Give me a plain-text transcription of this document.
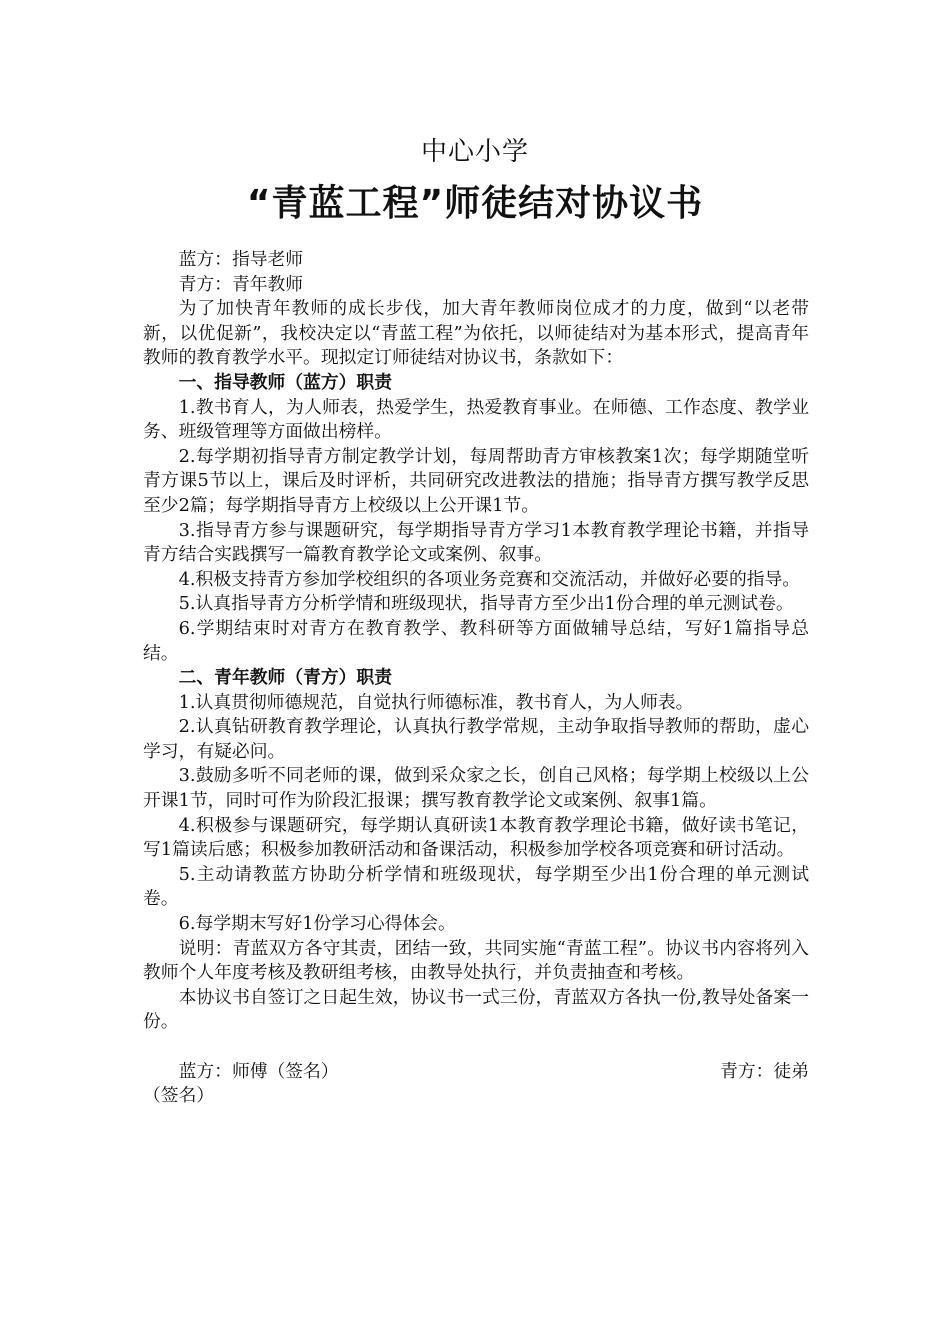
中心小学
“青蓝工程”师徒结对协议书

蓝方：指导老师

青方：青年教师

为了加快青年教师的成长步伐，加大青年教师岗位成才的力度，做到“以老带新，以优促新”，我校决定以“青蓝工程”为依托，以师徒结对为基本形式，提高青年教师的教育教学水平。现拟定订师徒结对协议书，条款如下：

一、指导教师（蓝方）职责

1.教书育人，为人师表，热爱学生，热爱教育事业。在师德、工作态度、教学业务、班级管理等方面做出榜样。

2.每学期初指导青方制定教学计划，每周帮助青方审核教案1次；每学期随堂听青方课5节以上，课后及时评析，共同研究改进教法的措施；指导青方撰写教学反思至少2篇；每学期指导青方上校级以上公开课1节。

3.指导青方参与课题研究，每学期指导青方学习1本教育教学理论书籍，并指导青方结合实践撰写一篇教育教学论文或案例、叙事。

4.积极支持青方参加学校组织的各项业务竞赛和交流活动，并做好必要的指导。

5.认真指导青方分析学情和班级现状，指导青方至少出1份合理的单元测试卷。

6.学期结束时对青方在教育教学、教科研等方面做辅导总结，写好1篇指导总结。

二、青年教师（青方）职责

1.认真贯彻师德规范，自觉执行师德标准，教书育人，为人师表。

2.认真钻研教育教学理论，认真执行教学常规，主动争取指导教师的帮助，虚心学习，有疑必问。

3.鼓励多听不同老师的课，做到采众家之长，创自己风格；每学期上校级以上公开课1节，同时可作为阶段汇报课；撰写教育教学论文或案例、叙事1篇。

4.积极参与课题研究，每学期认真研读1本教育教学理论书籍，做好读书笔记，写1篇读后感；积极参加教研活动和备课活动，积极参加学校各项竞赛和研讨活动。

5.主动请教蓝方协助分析学情和班级现状，每学期至少出1份合理的单元测试卷。

6.每学期末写好1份学习心得体会。

说明：青蓝双方各守其责，团结一致，共同实施“青蓝工程”。协议书内容将列入教师个人年度考核及教研组考核，由教导处执行，并负责抽查和考核。

本协议书自签订之日起生效，协议书一式三份，青蓝双方各执一份,教导处备案一份。

蓝方：师傅（签名）	青方：徒弟
（签名）
